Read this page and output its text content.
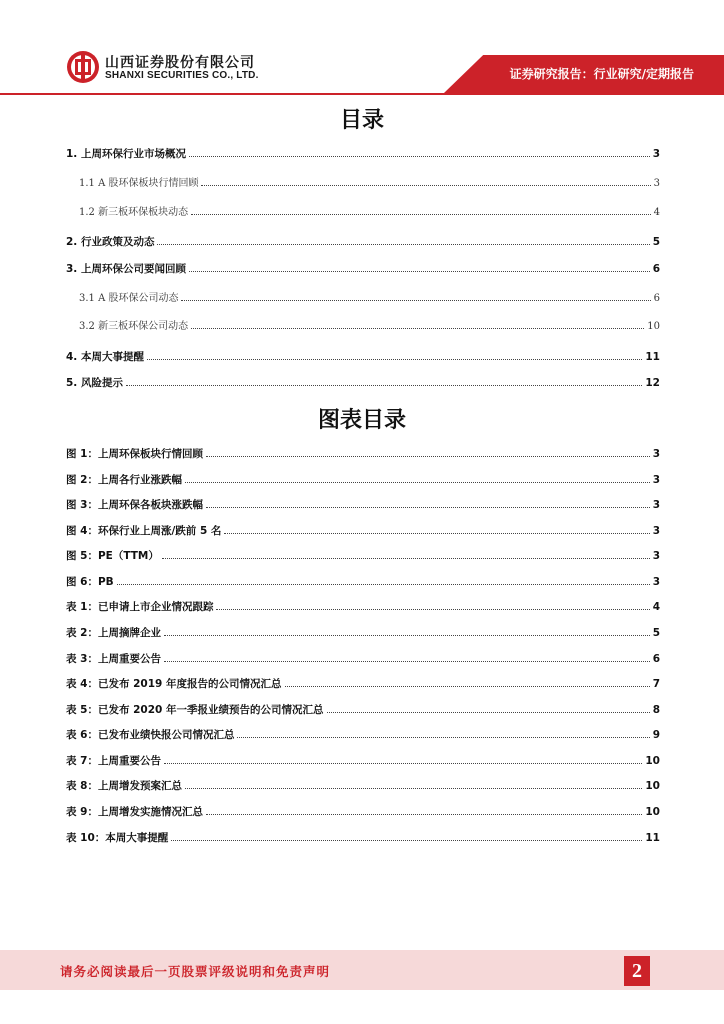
山西证券股份有限公司
SHANXI SECURITIES CO., LTD.	证券研究报告：行业研究/定期报告
目录
1. 上周环保行业市场概况	3
1.1 A 股环保板块行情回顾	3
1.2 新三板环保板块动态	4
2. 行业政策及动态	5
3. 上周环保公司要闻回顾	6
3.1 A 股环保公司动态	6
3.2 新三板环保公司动态	10
4. 本周大事提醒	11
5. 风险提示	12
图表目录
图 1：上周环保板块行情回顾	3
图 2：上周各行业涨跌幅	3
图 3：上周环保各板块涨跌幅	3
图 4：环保行业上周涨/跌前 5 名	3
图 5：PE（TTM）	3
图 6：PB	3
表 1：已申请上市企业情况跟踪	4
表 2：上周摘牌企业	5
表 3：上周重要公告	6
表 4：已发布 2019 年度报告的公司情况汇总	7
表 5：已发布 2020 年一季报业绩预告的公司情况汇总	8
表 6：已发布业绩快报公司情况汇总	9
表 7：上周重要公告	10
表 8：上周增发预案汇总	10
表 9：上周增发实施情况汇总	10
表 10：本周大事提醒	11
请务必阅读最后一页股票评级说明和免责声明	2
